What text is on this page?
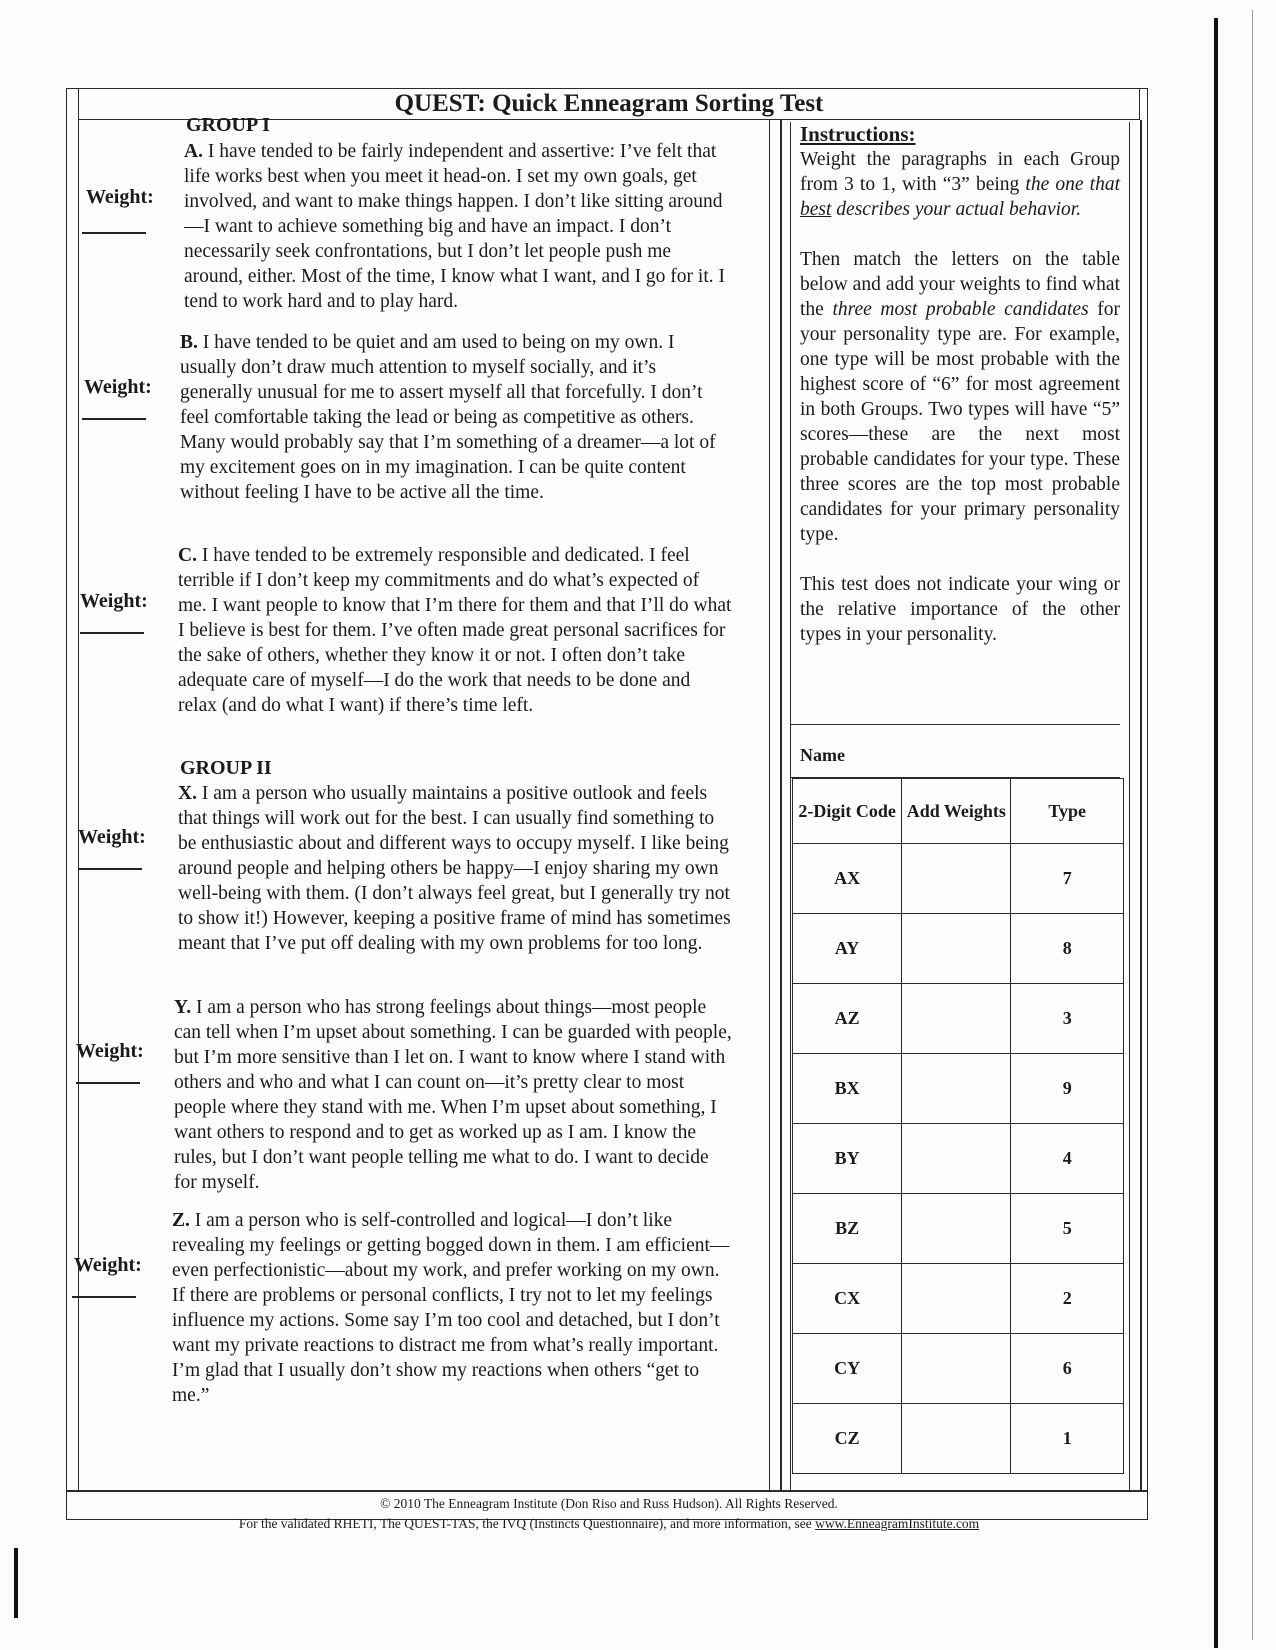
QUEST: Quick Enneagram Sorting Test
GROUP I
Weight:
A. I have tended to be fairly independent and assertive: I’ve felt that life works best when you meet it head-on. I set my own goals, get involved, and want to make things happen. I don’t like sitting around—I want to achieve something big and have an impact. I don’t necessarily seek confrontations, but I don’t let people push me around, either. Most of the time, I know what I want, and I go for it. I tend to work hard and to play hard.
Weight:
B. I have tended to be quiet and am used to being on my own. I usually don’t draw much attention to myself socially, and it’s generally unusual for me to assert myself all that forcefully. I don’t feel comfortable taking the lead or being as competitive as others. Many would probably say that I’m something of a dreamer—a lot of my excitement goes on in my imagination. I can be quite content without feeling I have to be active all the time.
Weight:
C. I have tended to be extremely responsible and dedicated. I feel terrible if I don’t keep my commitments and do what’s expected of me. I want people to know that I’m there for them and that I’ll do what I believe is best for them. I’ve often made great personal sacrifices for the sake of others, whether they know it or not. I often don’t take adequate care of myself—I do the work that needs to be done and relax (and do what I want) if there’s time left.
GROUP II
Weight:
X. I am a person who usually maintains a positive outlook and feels that things will work out for the best. I can usually find something to be enthusiastic about and different ways to occupy myself. I like being around people and helping others be happy—I enjoy sharing my own well-being with them. (I don’t always feel great, but I generally try not to show it!) However, keeping a positive frame of mind has sometimes meant that I’ve put off dealing with my own problems for too long.
Weight:
Y. I am a person who has strong feelings about things—most people can tell when I’m upset about something. I can be guarded with people, but I’m more sensitive than I let on. I want to know where I stand with others and who and what I can count on—it’s pretty clear to most people where they stand with me. When I’m upset about something, I want others to respond and to get as worked up as I am. I know the rules, but I don’t want people telling me what to do. I want to decide for myself.
Weight:
Z. I am a person who is self-controlled and logical—I don’t like revealing my feelings or getting bogged down in them. I am efficient—even perfectionistic—about my work, and prefer working on my own. If there are problems or personal conflicts, I try not to let my feelings influence my actions. Some say I’m too cool and detached, but I don’t want my private reactions to distract me from what’s really important. I’m glad that I usually don’t show my reactions when others “get to me.”
Instructions:

Weight the paragraphs in each Group from 3 to 1, with “3” being the one that best describes your actual behavior.

Then match the letters on the table below and add your weights to find what the three most probable candidates for your personality type are. For example, one type will be most probable with the highest score of “6” for most agreement in both Groups. Two types will have “5” scores—these are the next most probable candidates for your type. These three scores are the top most probable candidates for your primary personality type.

This test does not indicate your wing or the relative importance of the other types in your personality.

Name
2-Digit Code	Add Weights	Type
AX		7
AY		8
AZ		3
BX		9
BY		4
BZ		5
CX		2
CY		6
CZ		1
© 2010 The Enneagram Institute (Don Riso and Russ Hudson). All Rights Reserved.
For the validated RHETI, The QUEST-TAS, the IVQ (Instincts Questionnaire), and more information, see www.EnneagramInstitute.com
